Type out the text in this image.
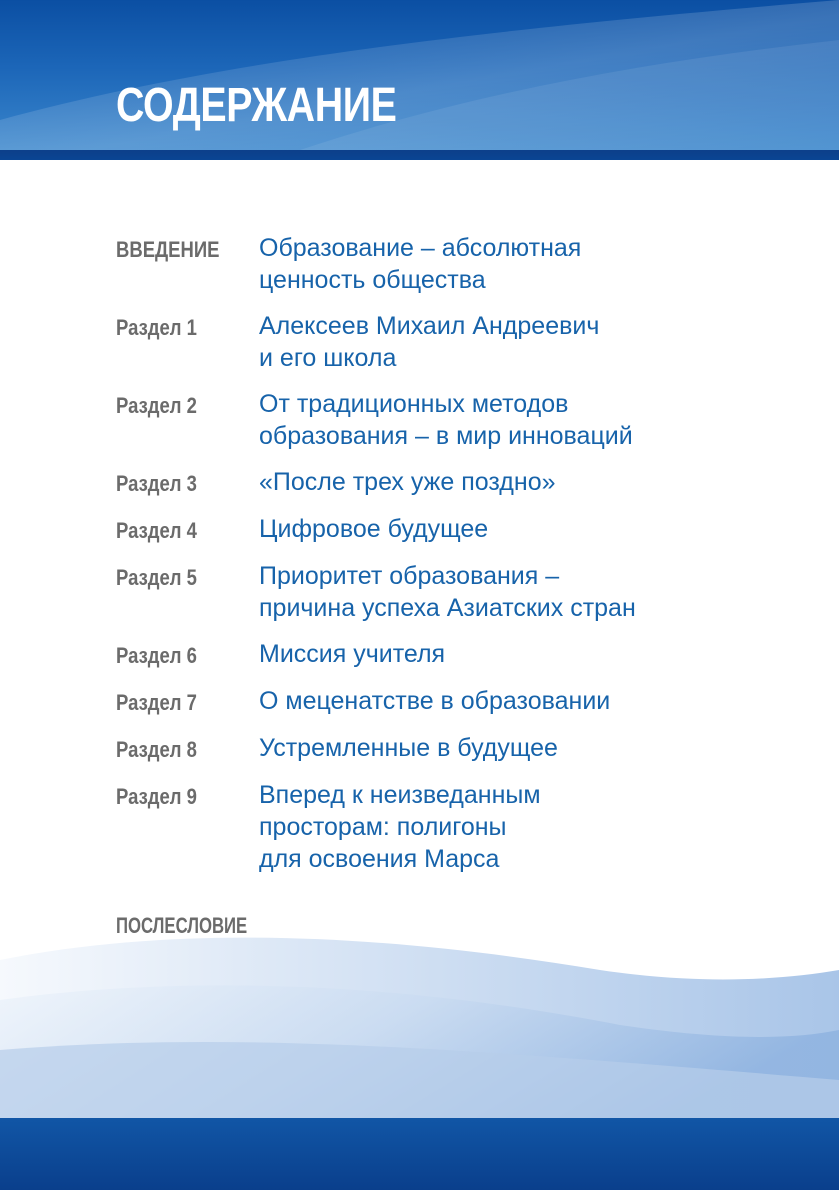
СОДЕРЖАНИЕ
ВВЕДЕНИЕ	Образование – абсолютная
ценность общества
Раздел 1	Алексеев Михаил Андреевич
и его школа
Раздел 2	От традиционных методов
образования – в мир инноваций
Раздел 3	«После трех уже поздно»
Раздел 4	Цифровое будущее
Раздел 5	Приоритет образования –
причина успеха Азиатских стран
Раздел 6	Миссия учителя
Раздел 7	О меценатстве в образовании
Раздел 8	Устремленные в будущее
Раздел 9	Вперед к неизведанным
просторам: полигоны
для освоения Марса
ПОСЛЕСЛОВИЕ
